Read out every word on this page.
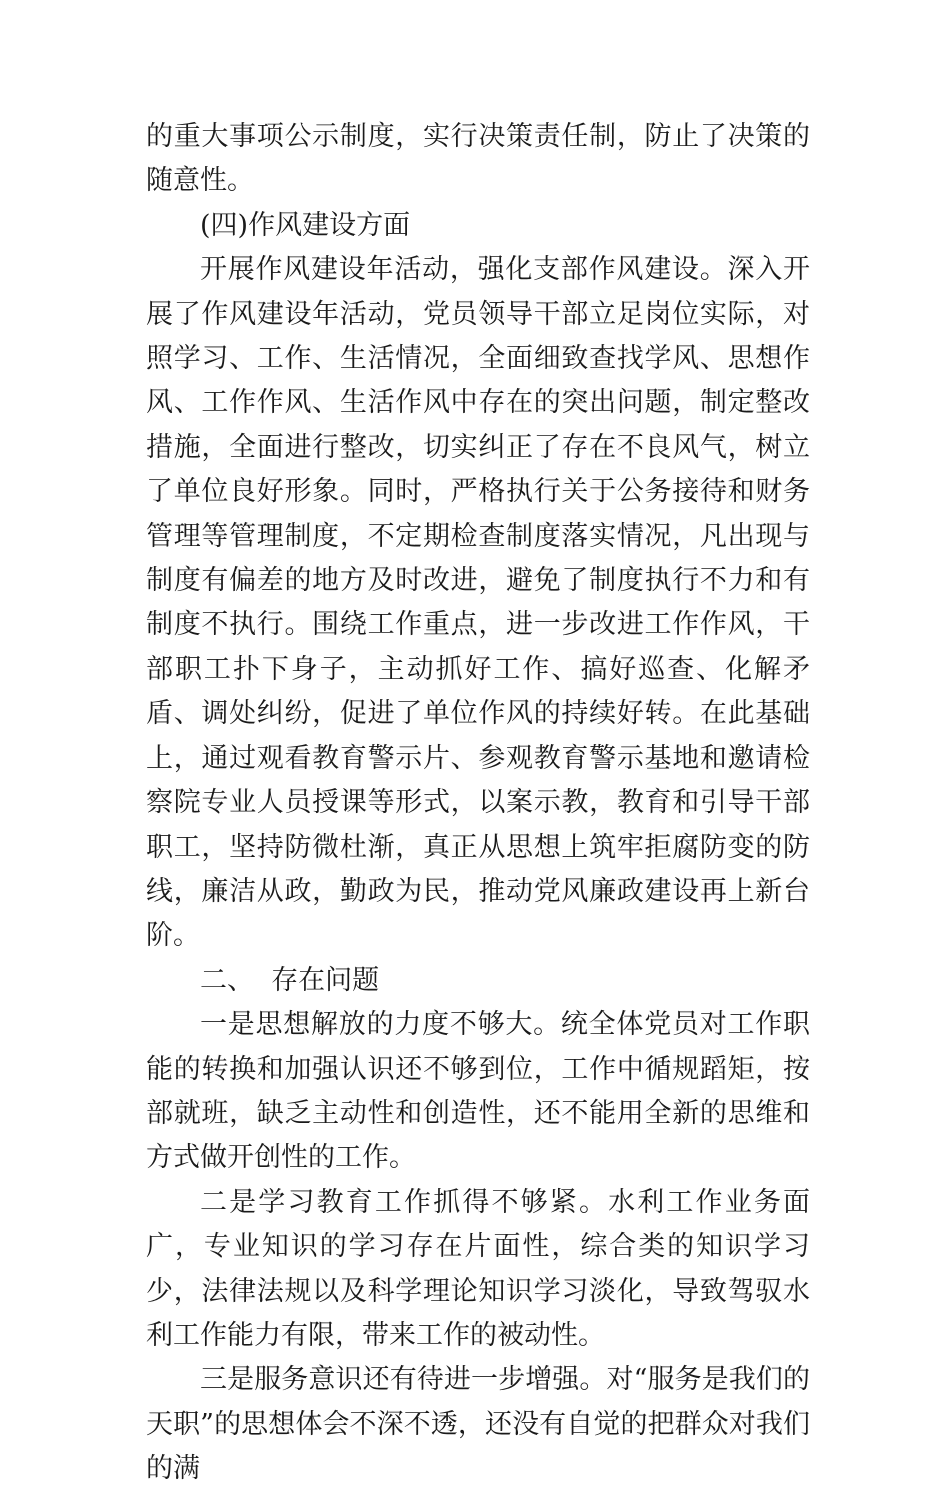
的重大事项公示制度，实行决策责任制，防止了决策的随意性。

(四)作风建设方面

开展作风建设年活动，强化支部作风建设。深入开展了作风建设年活动，党员领导干部立足岗位实际，对照学习、工作、生活情况，全面细致查找学风、思想作风、工作作风、生活作风中存在的突出问题，制定整改措施，全面进行整改，切实纠正了存在不良风气，树立了单位良好形象。同时，严格执行关于公务接待和财务管理等管理制度，不定期检查制度落实情况，凡出现与制度有偏差的地方及时改进，避免了制度执行不力和有制度不执行。围绕工作重点，进一步改进工作作风，干部职工扑下身子，主动抓好工作、搞好巡查、化解矛盾、调处纠纷，促进了单位作风的持续好转。在此基础上，通过观看教育警示片、参观教育警示基地和邀请检察院专业人员授课等形式，以案示教，教育和引导干部职工，坚持防微杜渐，真正从思想上筑牢拒腐防变的防线，廉洁从政，勤政为民，推动党风廉政建设再上新台阶。

二、  存在问题

一是思想解放的力度不够大。统全体党员对工作职能的转换和加强认识还不够到位，工作中循规蹈矩，按部就班，缺乏主动性和创造性，还不能用全新的思维和方式做开创性的工作。

二是学习教育工作抓得不够紧。水利工作业务面广，专业知识的学习存在片面性，综合类的知识学习少，法律法规以及科学理论知识学习淡化，导致驾驭水利工作能力有限，带来工作的被动性。

三是服务意识还有待进一步增强。对“服务是我们的天职”的思想体会不深不透，还没有自觉的把群众对我们的满
